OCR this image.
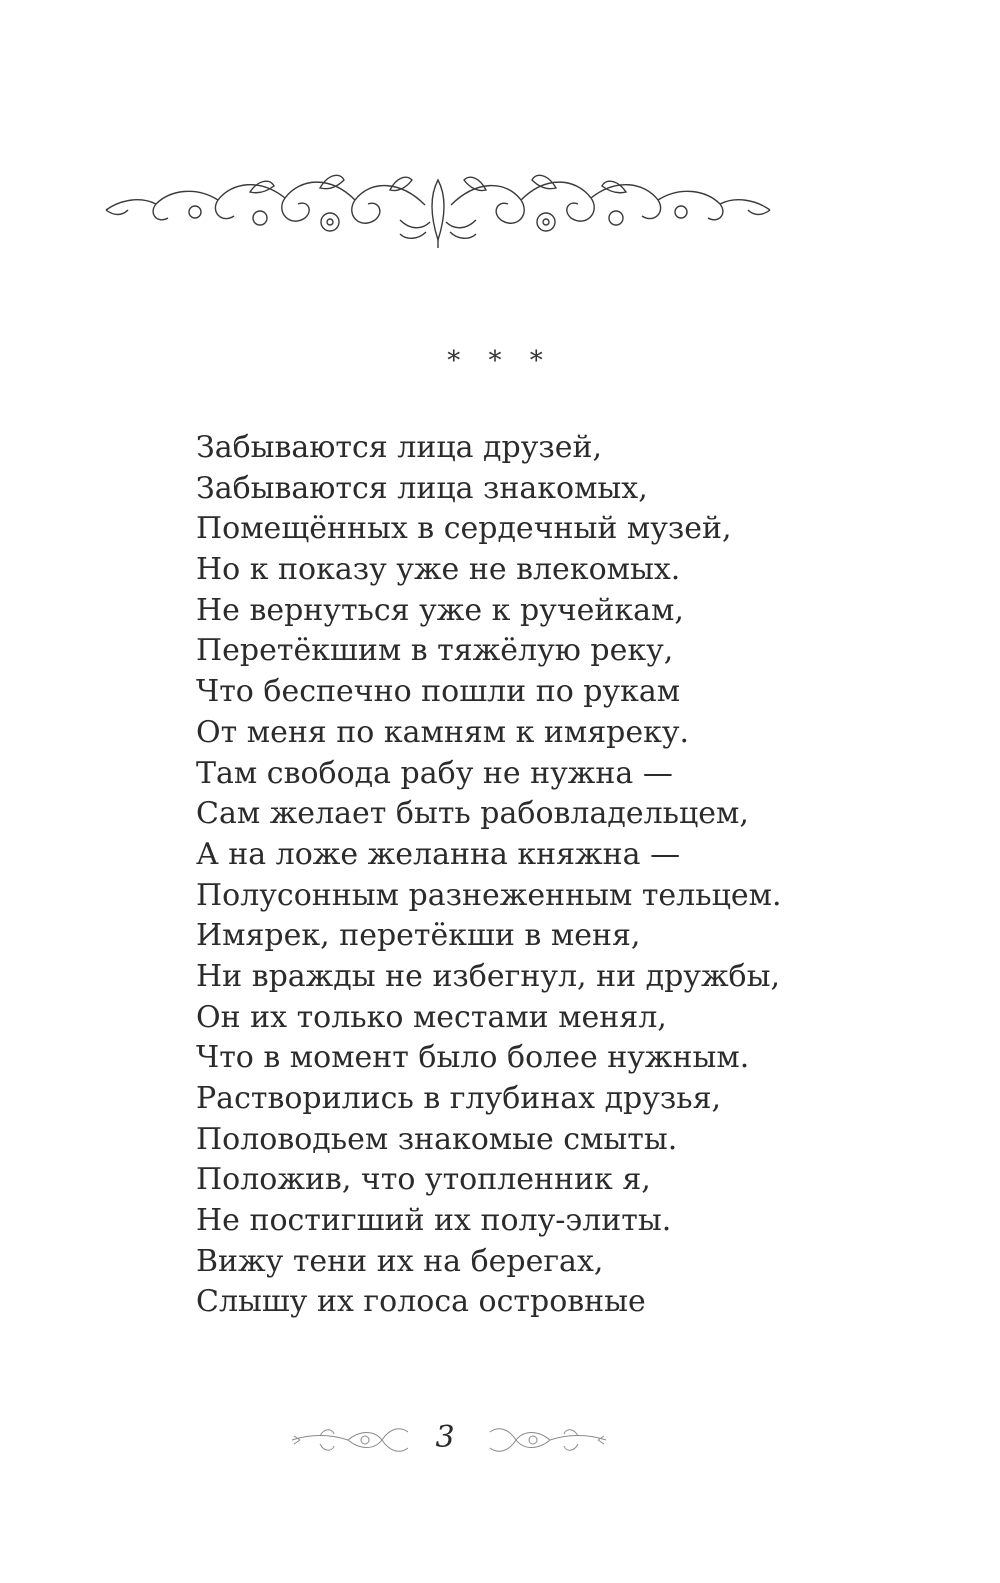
* * *
Забываются лица друзей,
Забываются лица знакомых,
Помещённых в сердечный музей,
Но к показу уже не влекомых.
Не вернуться уже к ручейкам,
Перетёкшим в тяжёлую реку,
Что беспечно пошли по рукам
От меня по камням к имяреку.
Там свобода рабу не нужна —
Сам желает быть рабовладельцем,
А на ложе желанна княжна —
Полусонным разнеженным тельцем.
Имярек, перетёкши в меня,
Ни вражды не избегнул, ни дружбы,
Он их только местами менял,
Что в момент было более нужным.
Растворились в глубинах друзья,
Половодьем знакомые смыты.
Положив, что утопленник я,
Не постигший их полу-элиты.
Вижу тени их на берегах,
Слышу их голоса островные
3
